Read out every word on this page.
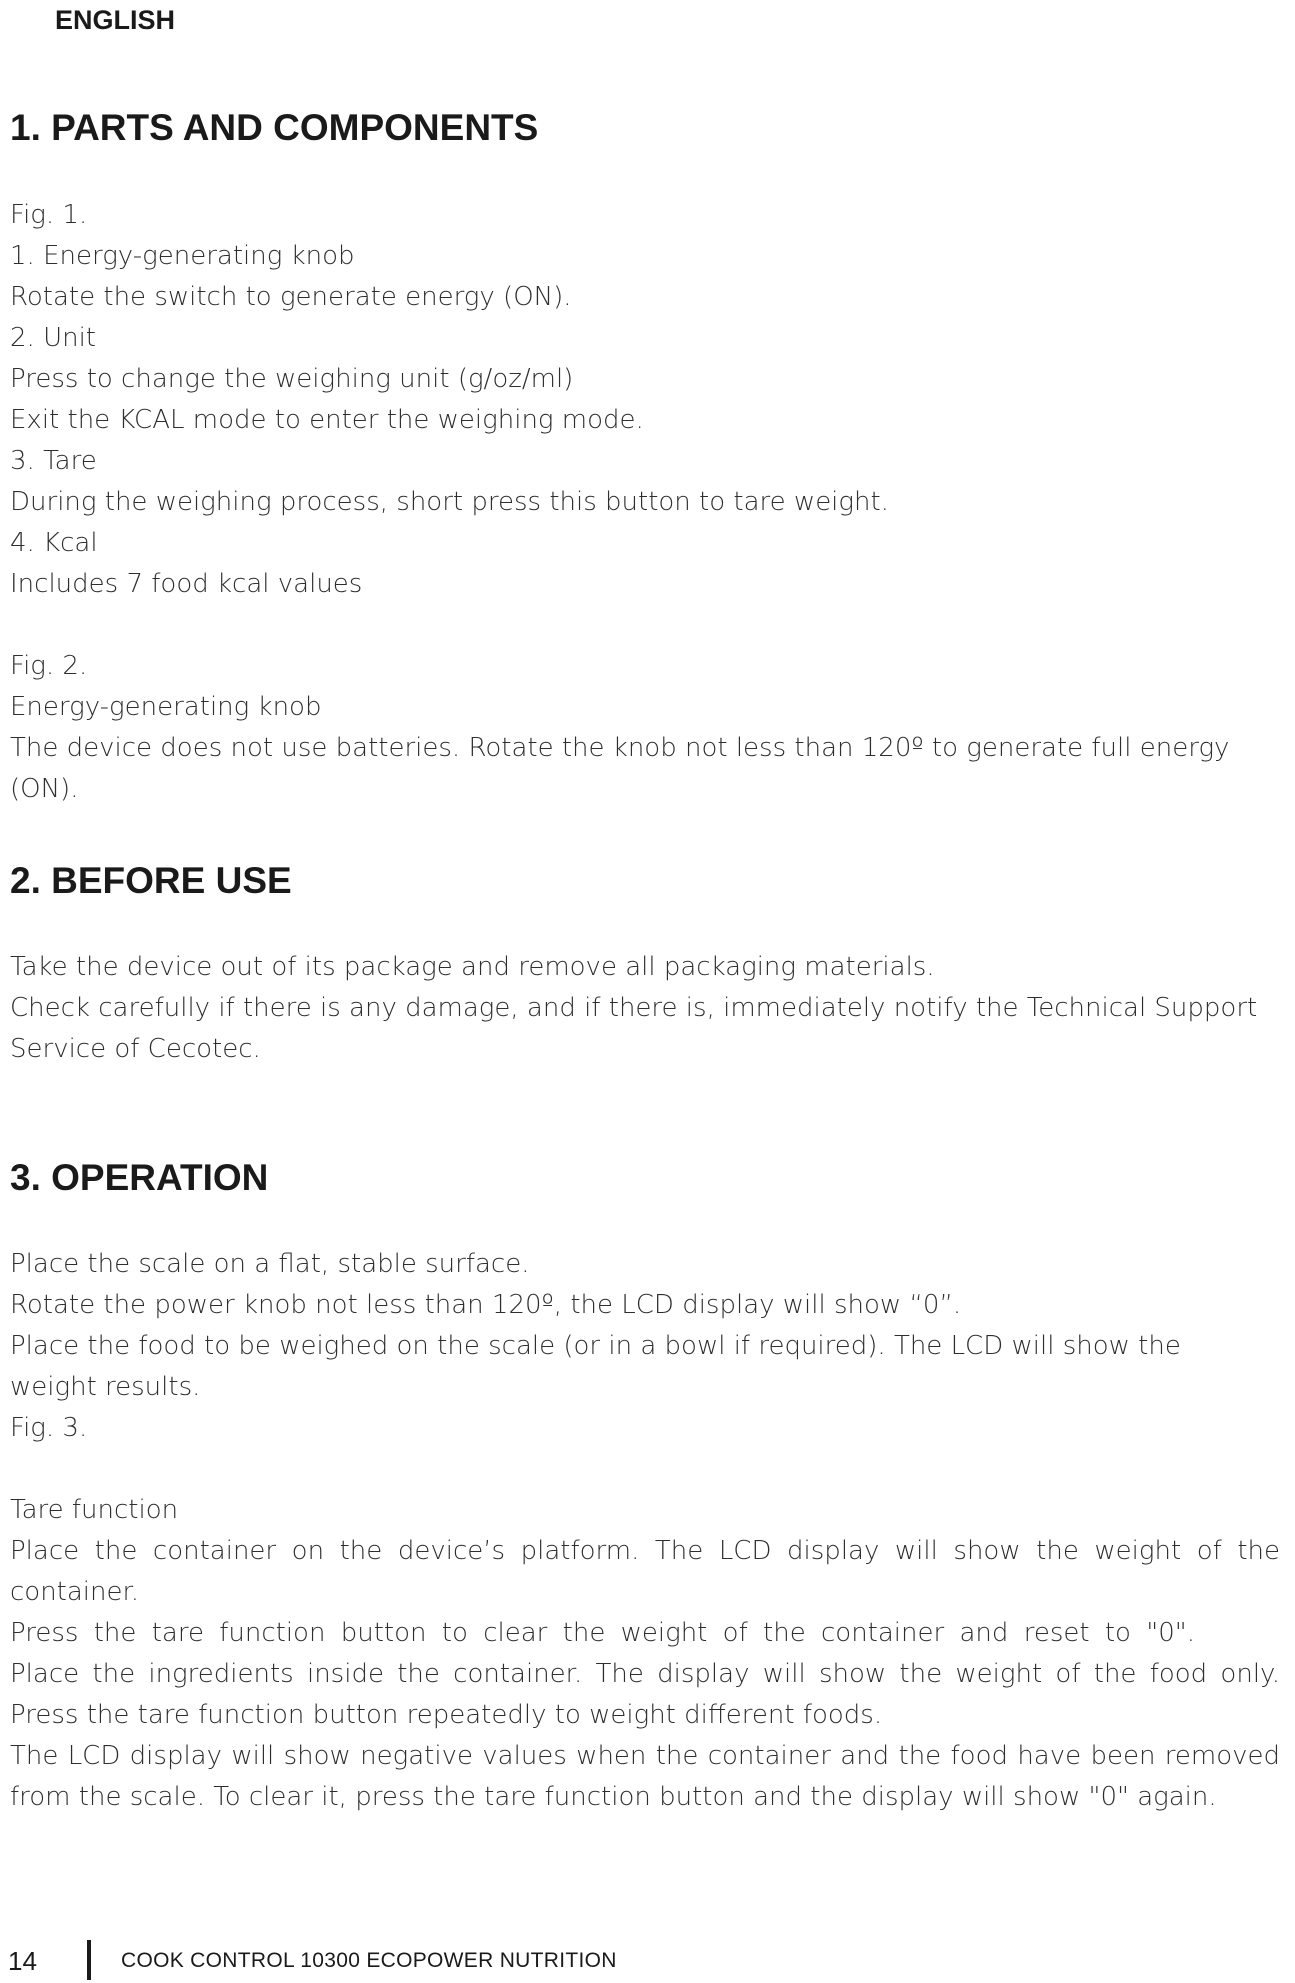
ENGLISH
1. PARTS AND COMPONENTS

Fig. 1.

1. Energy-generating knob

Rotate the switch to generate energy (ON).

2. Unit

Press to change the weighing unit (g/oz/ml)

Exit the KCAL mode to enter the weighing mode.

3. Tare

During the weighing process, short press this button to tare weight.

4. Kcal

Includes 7 food kcal values

Fig. 2.

Energy-generating knob

The device does not use batteries. Rotate the knob not less than 120º to generate full energy

(ON).

2. BEFORE USE

Take the device out of its package and remove all packaging materials.

Check carefully if there is any damage, and if there is, immediately notify the Technical Support

Service of Cecotec.

3. OPERATION

Place the scale on a flat, stable surface.

Rotate the power knob not less than 120º, the LCD display will show “0”.

Place the food to be weighed on the scale (or in a bowl if required). The LCD will show the

weight results.

Fig. 3.

Tare function

Place the container on the device’s platform. The LCD display will show the weight of the

container.

Press the tare function button to clear the weight of the container and reset to "0".

Place the ingredients inside the container. The display will show the weight of the food only.

Press the tare function button repeatedly to weight different foods.

The LCD display will show negative values when the container and the food have been removed

from the scale. To clear it, press the tare function button and the display will show "0" again.

14	COOK CONTROL 10300 ECOPOWER NUTRITION
